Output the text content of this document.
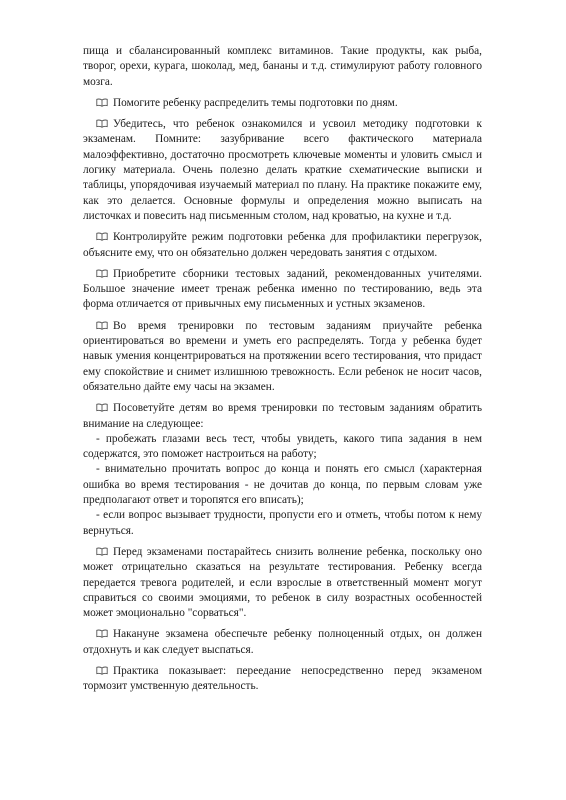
пища и сбалансированный комплекс витаминов. Такие продукты, как рыба, творог, орехи, курага, шоколад, мед, бананы и т.д. стимулируют работу головного мозга.

Помогите ребенку распределить темы подготовки по дням.

Убедитесь, что ребенок ознакомился и усвоил методику подготовки к экзаменам. Помните: зазубривание всего фактического материала малоэффективно, достаточно просмотреть ключевые моменты и уловить смысл и логику материала. Очень полезно делать краткие схематические выписки и таблицы, упорядочивая изучаемый материал по плану. На практике покажите ему, как это делается. Основные формулы и определения можно выписать на листочках и повесить над письменным столом, над кроватью, на кухне и т.д.

Контролируйте режим подготовки ребенка для профилактики перегрузок, объясните ему, что он обязательно должен чередовать занятия с отдыхом.

Приобретите сборники тестовых заданий, рекомендованных учителями. Большое значение имеет тренаж ребенка именно по тестированию, ведь эта форма отличается от привычных ему письменных и устных экзаменов.

Во время тренировки по тестовым заданиям приучайте ребенка ориентироваться во времени и уметь его распределять. Тогда у ребенка будет навык умения концентрироваться на протяжении всего тестирования, что придаст ему спокойствие и снимет излишнюю тревожность. Если ребенок не носит часов, обязательно дайте ему часы на экзамен.

Посоветуйте детям во время тренировки по тестовым заданиям обратить внимание на следующее:

- пробежать глазами весь тест, чтобы увидеть, какого типа задания в нем содержатся, это поможет настроиться на работу;

- внимательно прочитать вопрос до конца и понять его смысл (характерная ошибка во время тестирования - не дочитав до конца, по первым словам уже предполагают ответ и торопятся его вписать);

- если вопрос вызывает трудности, пропусти его и отметь, чтобы потом к нему вернуться.

Перед экзаменами постарайтесь снизить волнение ребенка, поскольку оно может отрицательно сказаться на результате тестирования. Ребенку всегда передается тревога родителей, и если взрослые в ответственный момент могут справиться со своими эмоциями, то ребенок в силу возрастных особенностей может эмоционально "сорваться".

Накануне экзамена обеспечьте ребенку полноценный отдых, он должен отдохнуть и как следует выспаться.

Практика показывает: переедание непосредственно перед экзаменом тормозит умственную деятельность.
